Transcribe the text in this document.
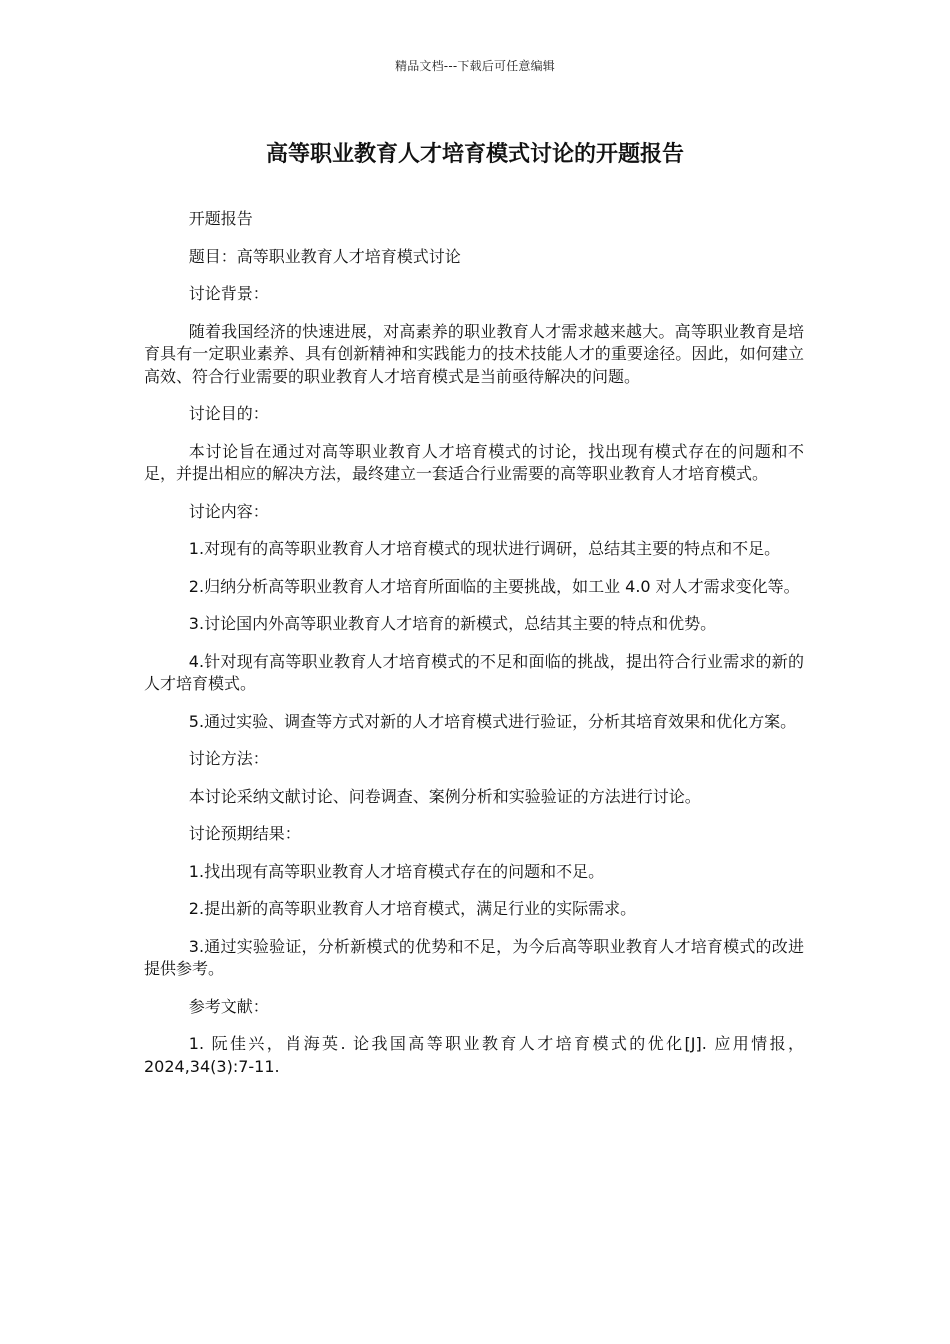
精品文档---下载后可任意编辑
高等职业教育人才培育模式讨论的开题报告

开题报告

题目：高等职业教育人才培育模式讨论

讨论背景：

随着我国经济的快速进展，对高素养的职业教育人才需求越来越大。高等职业教育是培育具有一定职业素养、具有创新精神和实践能力的技术技能人才的重要途径。因此，如何建立高效、符合行业需要的职业教育人才培育模式是当前亟待解决的问题。

讨论目的：

本讨论旨在通过对高等职业教育人才培育模式的讨论，找出现有模式存在的问题和不足，并提出相应的解决方法，最终建立一套适合行业需要的高等职业教育人才培育模式。

讨论内容：

1.对现有的高等职业教育人才培育模式的现状进行调研，总结其主要的特点和不足。

2.归纳分析高等职业教育人才培育所面临的主要挑战，如工业 4.0 对人才需求变化等。

3.讨论国内外高等职业教育人才培育的新模式，总结其主要的特点和优势。

4.针对现有高等职业教育人才培育模式的不足和面临的挑战，提出符合行业需求的新的人才培育模式。

5.通过实验、调查等方式对新的人才培育模式进行验证，分析其培育效果和优化方案。

讨论方法：

本讨论采纳文献讨论、问卷调查、案例分析和实验验证的方法进行讨论。

讨论预期结果：

1.找出现有高等职业教育人才培育模式存在的问题和不足。

2.提出新的高等职业教育人才培育模式，满足行业的实际需求。

3.通过实验验证，分析新模式的优势和不足，为今后高等职业教育人才培育模式的改进提供参考。

参考文献：

1. 阮佳兴，肖海英. 论我国高等职业教育人才培育模式的优化[J]. 应用情报，2024,34(3):7-11.
